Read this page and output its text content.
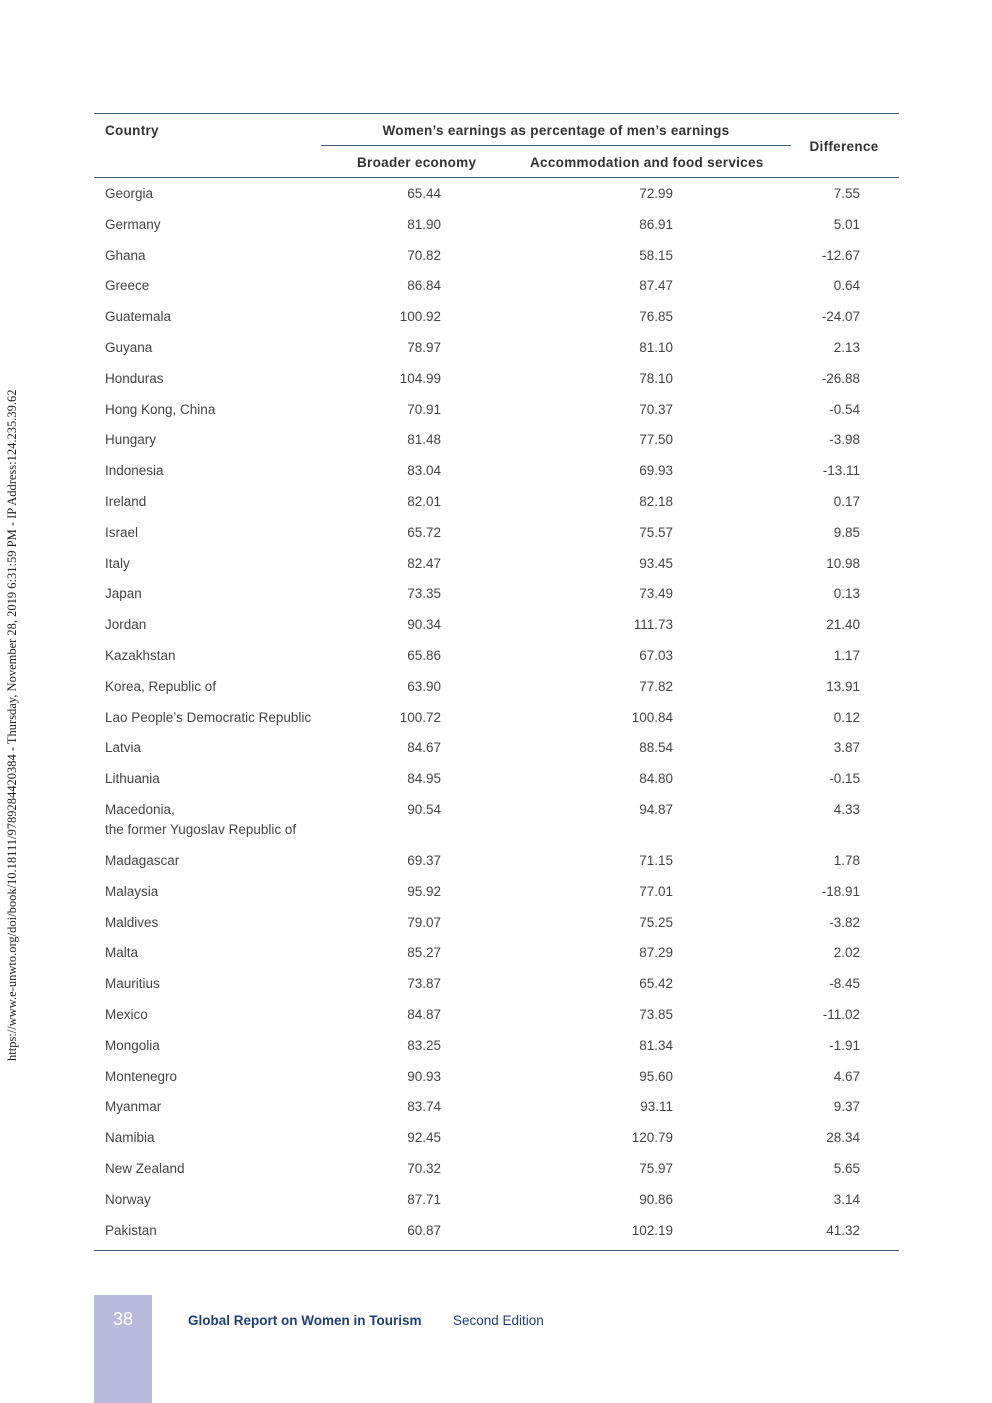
https://www.e-unwto.org/doi/book/10.18111/9789284420384 - Thursday, November 28, 2019 6:31:59 PM - IP Address:124.235.39.62
Country	Women’s earnings as percentage of men’s earnings
Broader economy	Accommodation and food services
Difference
Georgia	65.44	72.99	7.55
Germany	81.90	86.91	5.01
Ghana	70.82	58.15	-12.67
Greece	86.84	87.47	0.64
Guatemala	100.92	76.85	-24.07
Guyana	78.97	81.10	2.13
Honduras	104.99	78.10	-26.88
Hong Kong, China	70.91	70.37	-0.54
Hungary	81.48	77.50	-3.98
Indonesia	83.04	69.93	-13.11
Ireland	82.01	82.18	0.17
Israel	65.72	75.57	9.85
Italy	82.47	93.45	10.98
Japan	73.35	73.49	0.13
Jordan	90.34	111.73	21.40
Kazakhstan	65.86	67.03	1.17
Korea, Republic of	63.90	77.82	13.91
Lao People’s Democratic Republic	100.72	100.84	0.12
Latvia	84.67	88.54	3.87
Lithuania	84.95	84.80	-0.15
Macedonia,
the former Yugoslav Republic of
90.54	94.87	4.33
Madagascar	69.37	71.15	1.78
Malaysia	95.92	77.01	-18.91
Maldives	79.07	75.25	-3.82
Malta	85.27	87.29	2.02
Mauritius	73.87	65.42	-8.45
Mexico	84.87	73.85	-11.02
Mongolia	83.25	81.34	-1.91
Montenegro	90.93	95.60	4.67
Myanmar	83.74	93.11	9.37
Namibia	92.45	120.79	28.34
New Zealand	70.32	75.97	5.65
Norway	87.71	90.86	3.14
Pakistan	60.87	102.19	41.32
38	Global Report on Women in Tourism Second Edition
